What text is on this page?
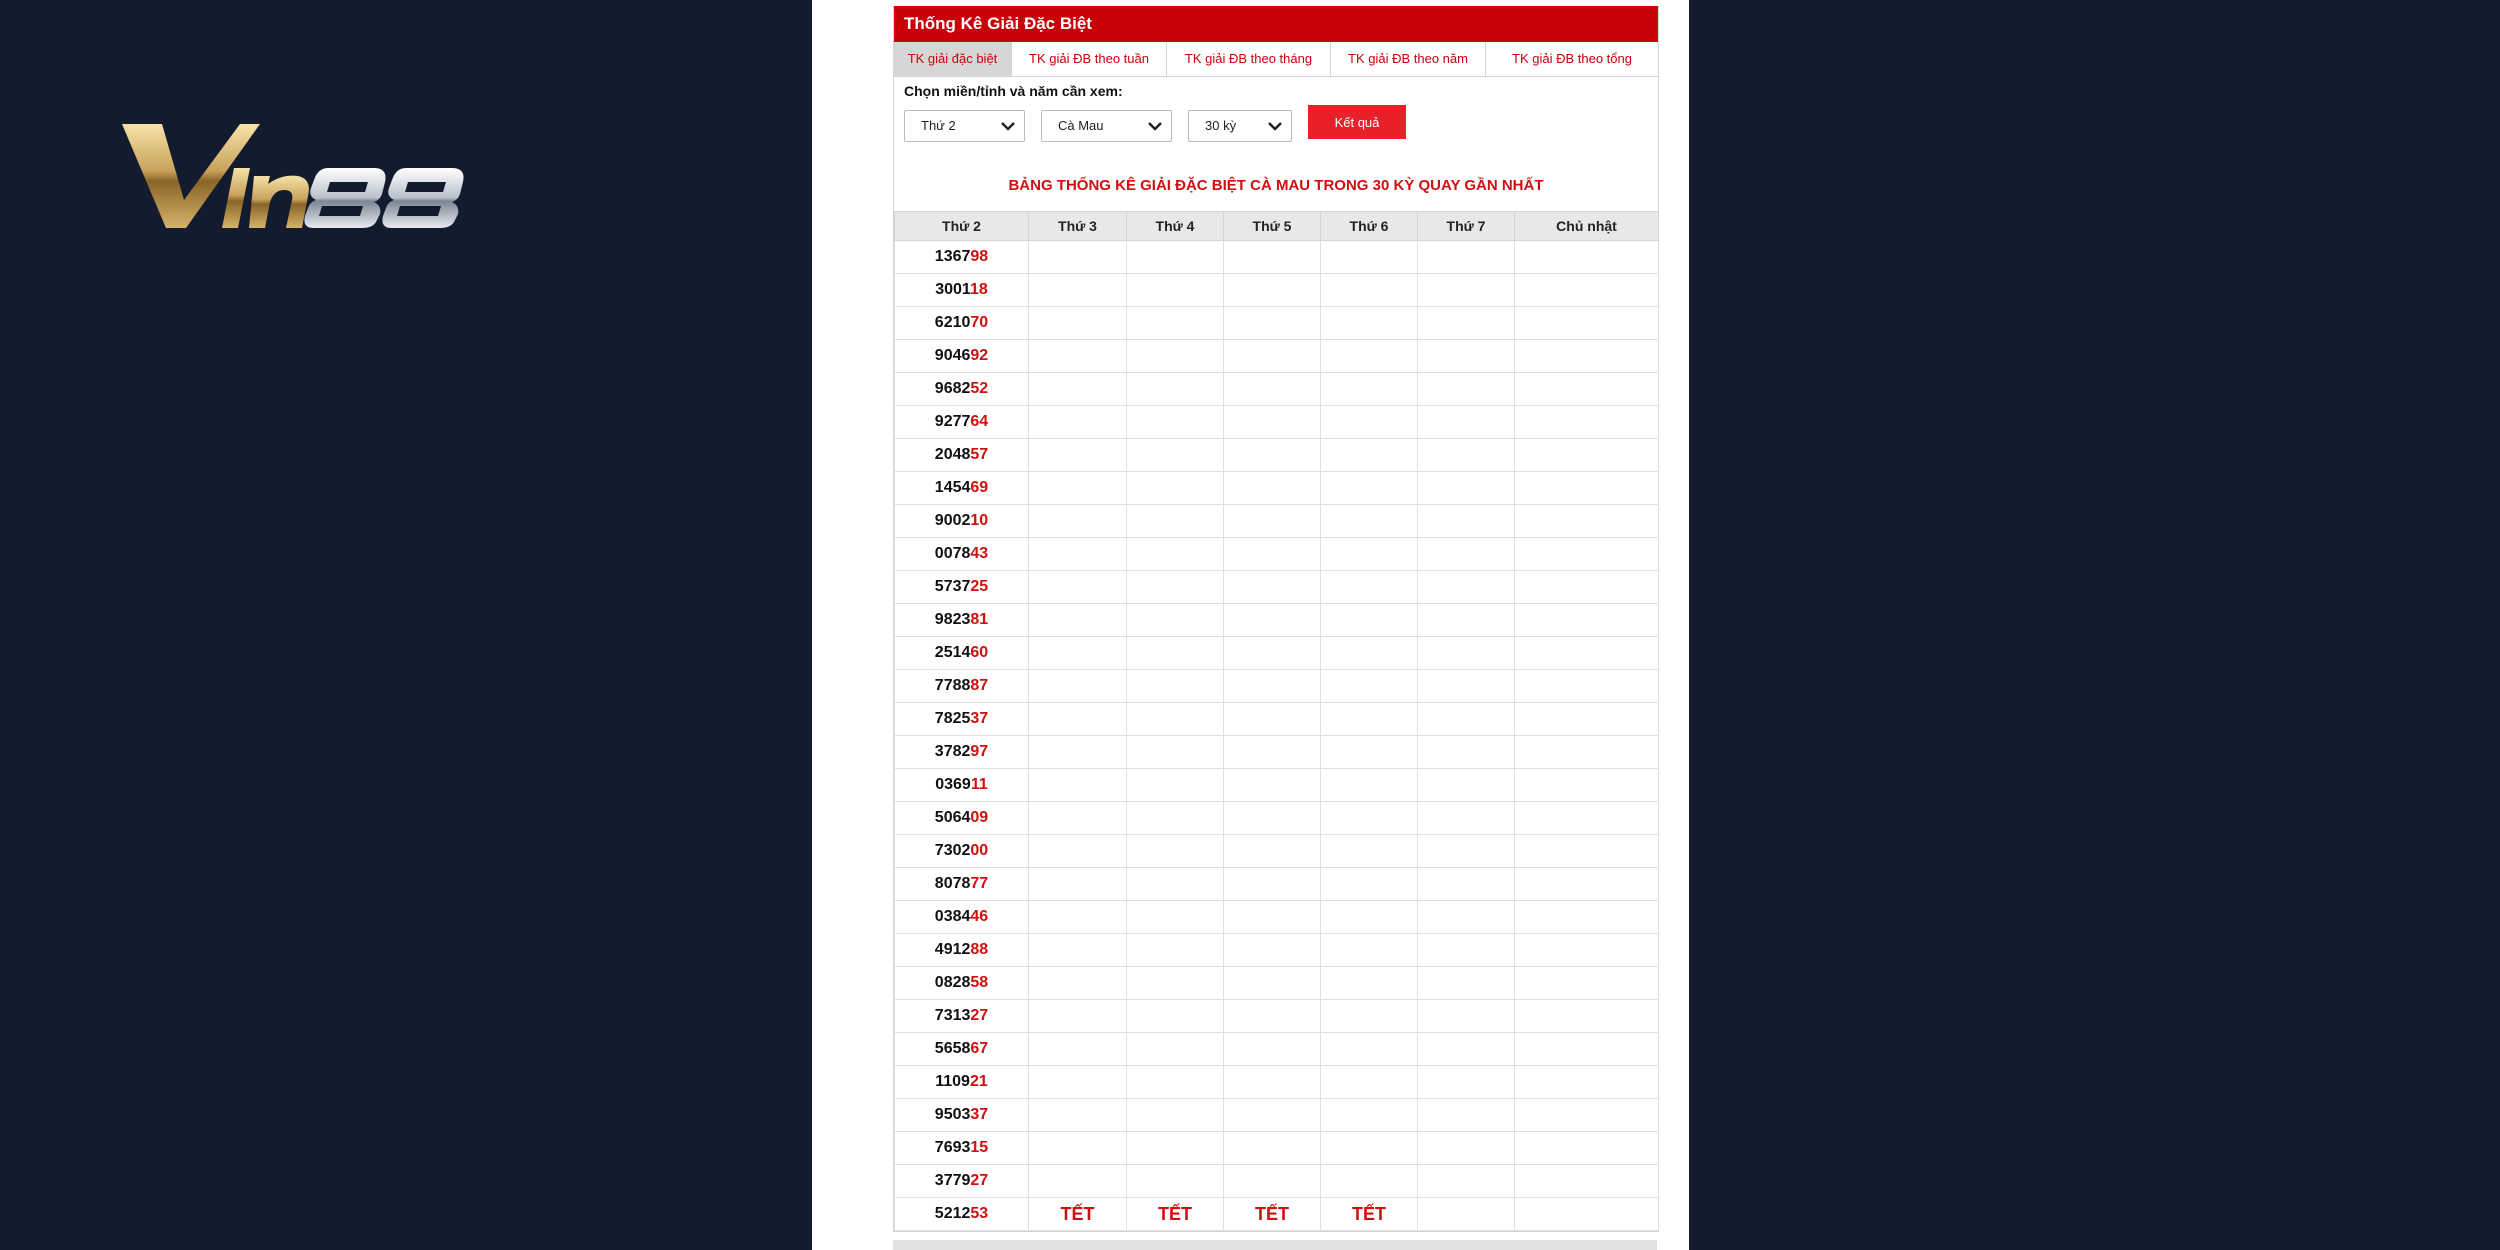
Thống Kê Giải Đặc Biệt
TK giải đặc biệt	TK giải ĐB theo tuần	TK giải ĐB theo tháng	TK giải ĐB theo năm	TK giải ĐB theo tổng
Chọn miền/tỉnh và năm cần xem:
Thứ 2	Cà Mau	30 kỳ	Kết quả
BẢNG THỐNG KÊ GIẢI ĐẶC BIỆT CÀ MAU TRONG 30 KỲ QUAY GẦN NHẤT
Thứ 2	Thứ 3	Thứ 4	Thứ 5	Thứ 6	Thứ 7	Chủ nhật
136798						
300118						
621070						
904692						
968252						
927764						
204857						
145469						
900210						
007843						
573725						
982381						
251460						
778887						
782537						
378297						
036911						
506409						
730200						
807877						
038446						
491288						
082858						
731327						
565867						
110921						
950337						
769315						
377927						
521253	TẾT	TẾT	TẾT	TẾT		
